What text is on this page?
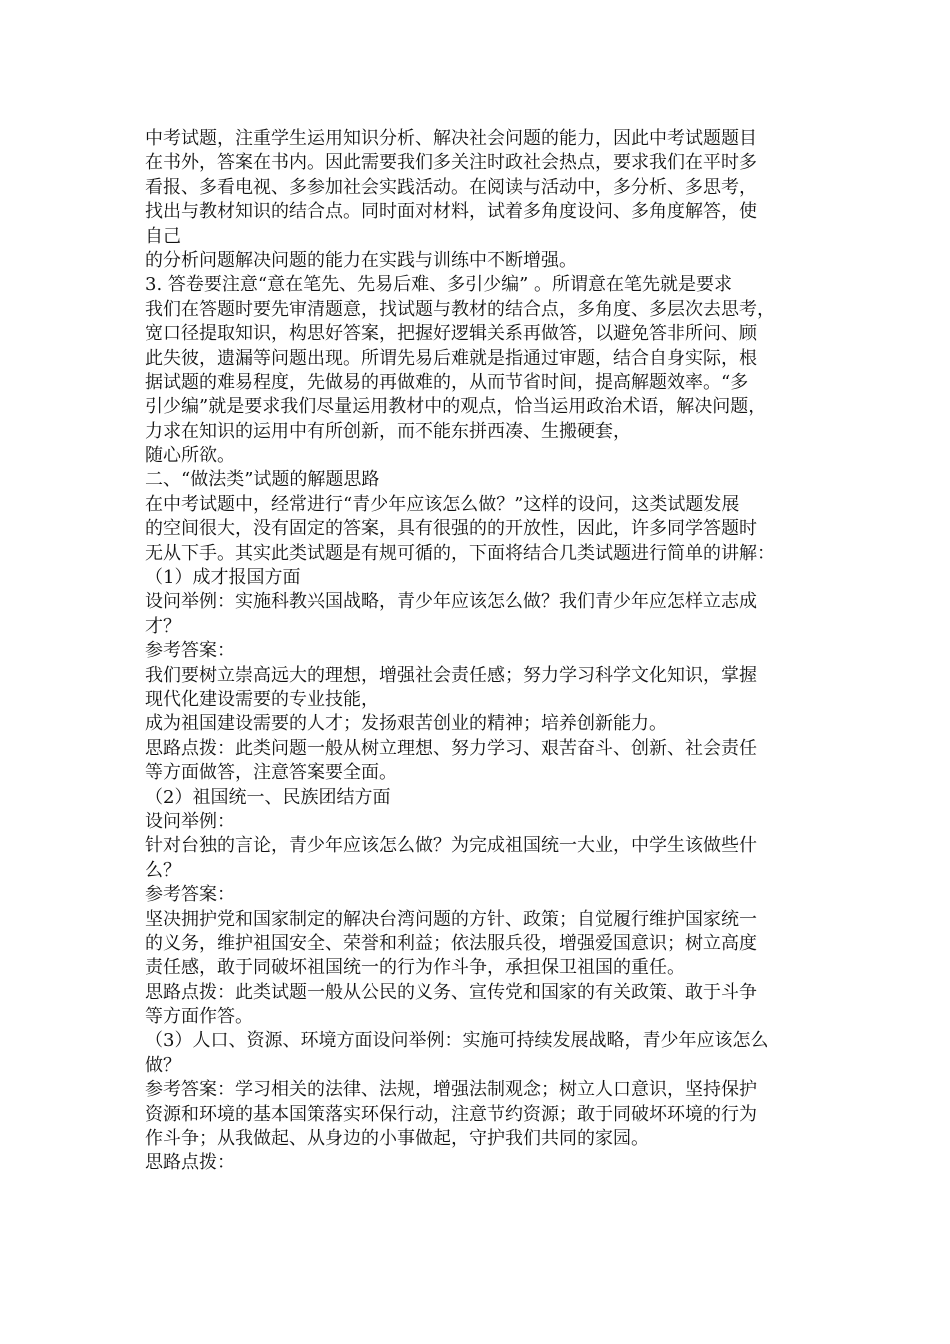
中考试题，注重学生运用知识分析、解决社会问题的能力，因此中考试题题目
在书外，答案在书内。因此需要我们多关注时政社会热点，要求我们在平时多
看报、多看电视、多参加社会实践活动。在阅读与活动中，多分析、多思考，
找出与教材知识的结合点。同时面对材料，试着多角度设问、多角度解答，使
自己
的分析问题解决问题的能力在实践与训练中不断增强。
3. 答卷要注意“意在笔先、先易后难、多引少编” 。所谓意在笔先就是要求
我们在答题时要先审清题意，找试题与教材的结合点，多角度、多层次去思考，
宽口径提取知识，构思好答案，把握好逻辑关系再做答，以避免答非所问、顾
此失彼，遗漏等问题出现。所谓先易后难就是指通过审题，结合自身实际，根
据试题的难易程度，先做易的再做难的，从而节省时间，提高解题效率。“多
引少编”就是要求我们尽量运用教材中的观点，恰当运用政治术语，解决问题，
力求在知识的运用中有所创新，而不能东拼西凑、生搬硬套，
随心所欲。
二、“做法类”试题的解题思路
在中考试题中，经常进行“青少年应该怎么做？”这样的设问，这类试题发展
的空间很大，没有固定的答案，具有很强的的开放性，因此，许多同学答题时
无从下手。其实此类试题是有规可循的，下面将结合几类试题进行简单的讲解：
（1）成才报国方面
设问举例：实施科教兴国战略，青少年应该怎么做？我们青少年应怎样立志成
才？
参考答案：
我们要树立崇高远大的理想，增强社会责任感；努力学习科学文化知识，掌握
现代化建设需要的专业技能，
成为祖国建设需要的人才；发扬艰苦创业的精神；培养创新能力。
思路点拨：此类问题一般从树立理想、努力学习、艰苦奋斗、创新、社会责任
等方面做答，注意答案要全面。
（2）祖国统一、民族团结方面
设问举例：
针对台独的言论，青少年应该怎么做？为完成祖国统一大业，中学生该做些什
么？
参考答案：
坚决拥护党和国家制定的解决台湾问题的方针、政策；自觉履行维护国家统一
的义务，维护祖国安全、荣誉和利益；依法服兵役，增强爱国意识；树立高度
责任感，敢于同破坏祖国统一的行为作斗争，承担保卫祖国的重任。
思路点拨：此类试题一般从公民的义务、宣传党和国家的有关政策、敢于斗争
等方面作答。
（3）人口、资源、环境方面设问举例：实施可持续发展战略，青少年应该怎么
做？
参考答案：学习相关的法律、法规，增强法制观念；树立人口意识，坚持保护
资源和环境的基本国策落实环保行动，注意节约资源；敢于同破坏环境的行为
作斗争；从我做起、从身边的小事做起，守护我们共同的家园。
思路点拨：
